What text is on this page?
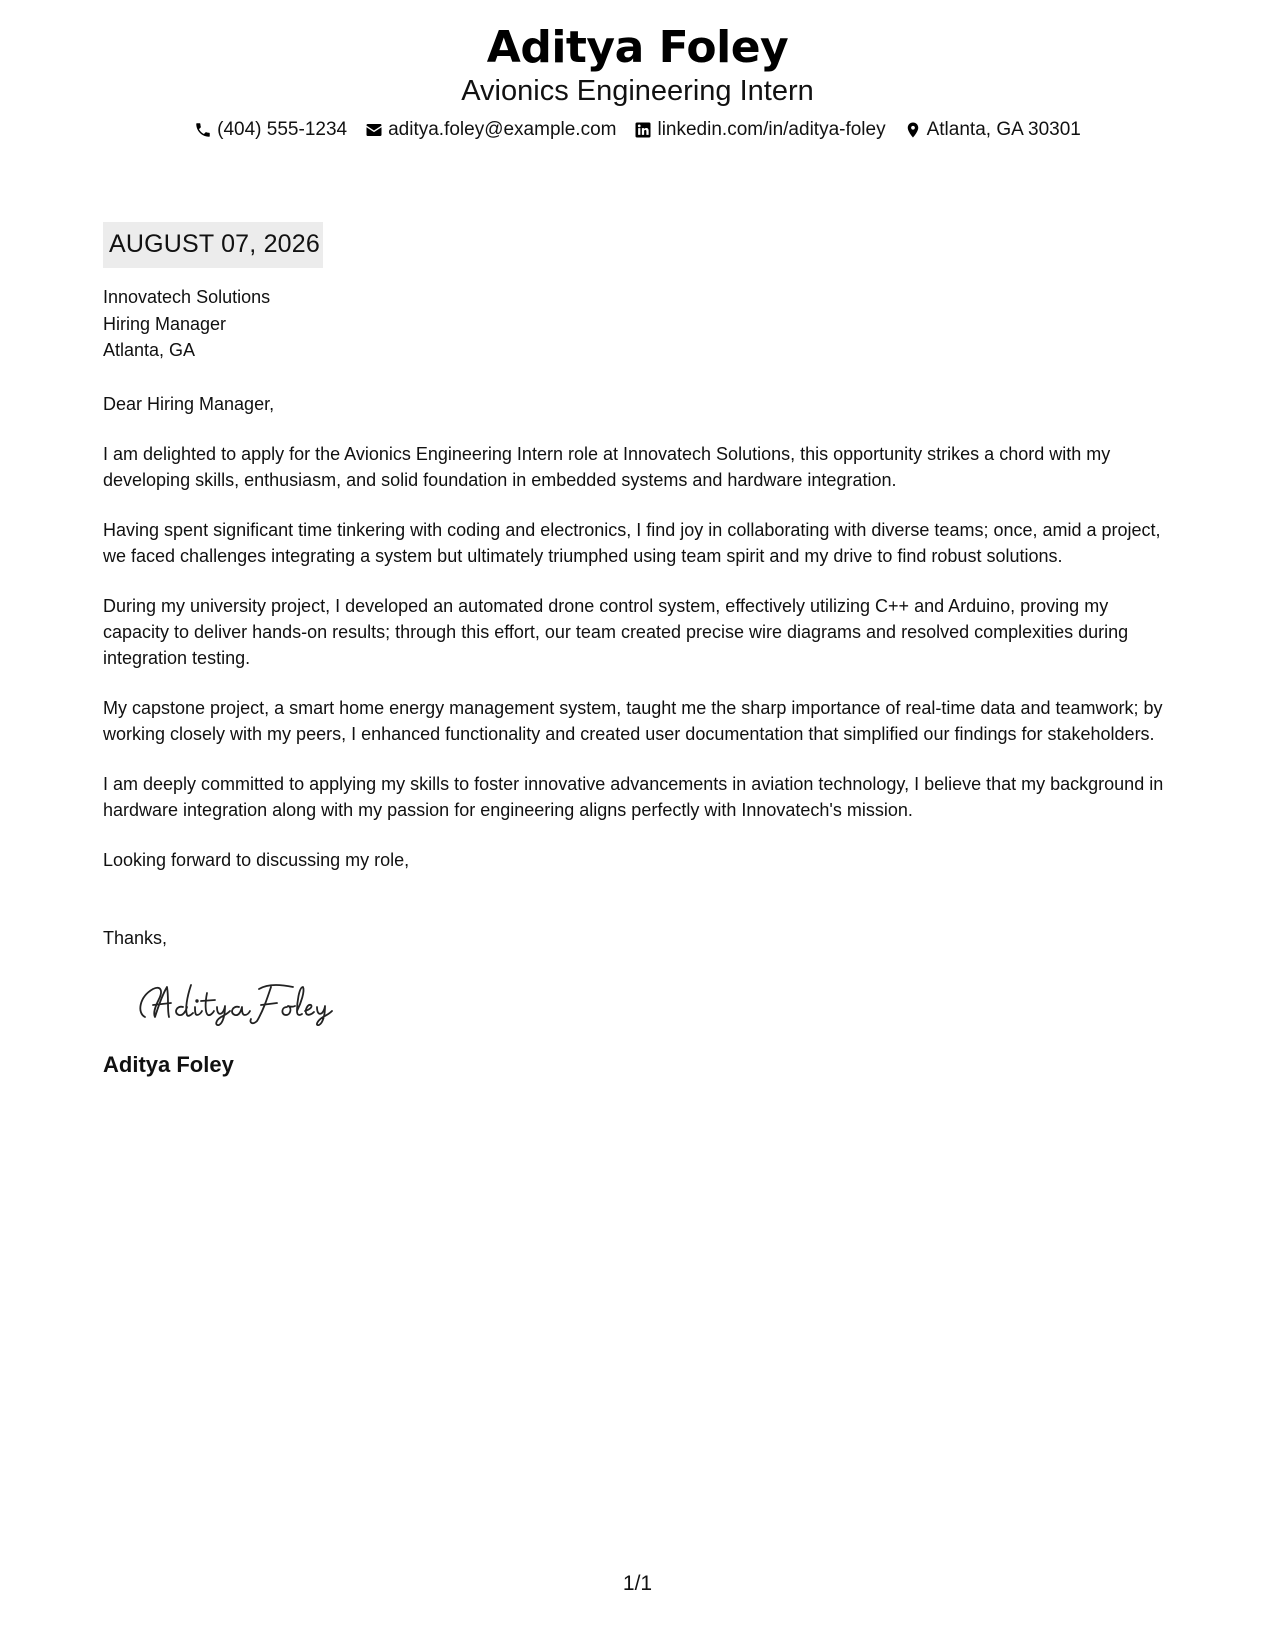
Aditya Foley
Avionics Engineering Intern
(404) 555-1234 aditya.foley@example.com linkedin.com/in/aditya-foley Atlanta, GA 30301
AUGUST 07, 2026
Innovatech Solutions
Hiring Manager
Atlanta, GA
Dear Hiring Manager,
I am delighted to apply for the Avionics Engineering Intern role at Innovatech Solutions, this opportunity strikes a chord with my developing skills, enthusiasm, and solid foundation in embedded systems and hardware integration.
Having spent significant time tinkering with coding and electronics, I find joy in collaborating with diverse teams; once, amid a project, we faced challenges integrating a system but ultimately triumphed using team spirit and my drive to find robust solutions.
During my university project, I developed an automated drone control system, effectively utilizing C++ and Arduino, proving my capacity to deliver hands-on results; through this effort, our team created precise wire diagrams and resolved complexities during integration testing.
My capstone project, a smart home energy management system, taught me the sharp importance of real-time data and teamwork; by working closely with my peers, I enhanced functionality and created user documentation that simplified our findings for stakeholders.
I am deeply committed to applying my skills to foster innovative advancements in aviation technology, I believe that my background in hardware integration along with my passion for engineering aligns perfectly with Innovatech's mission.
Looking forward to discussing my role,
Thanks,
Aditya Foley
1/1
